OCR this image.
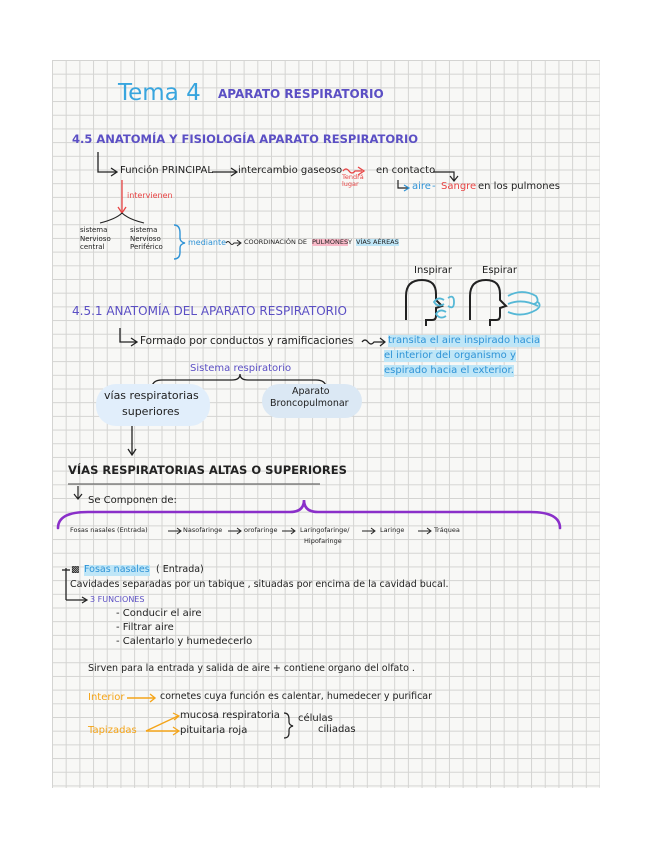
Tema 4 APARATO RESPIRATORIO
4.5 ANATOMÍA Y FISIOLOGÍA APARATO RESPIRATORIO
Función PRINCIPAL	intercambio gaseoso
Tendrá lugar
en contacto
aire - Sangre en los pulmones
intervienen
sistema
Nervioso central
sistema
Nervioso Periférico
mediante	COORDINACIÓN DE PULMONES Y VÍAS AÉREAS
Inspirar	Espirar
4.5.1 ANATOMÍA DEL APARATO RESPIRATORIO
Formado por conductos y ramificaciones	transita el aire inspirado hacia
el interior del organismo y
espirado hacia el exterior.
Sistema respiratorio
vías respiratorias
superiores
Aparato
Broncopulmonar
VÍAS RESPIRATORIAS ALTAS O SUPERIORES
Se Componen de:
Fosas nasales (Entrada)	Nasofaringe	orofaringe	Laringofaringe/
Hipofaringe
Laringe	Tráquea
▩ Fosas nasales ( Entrada)
Cavidades separadas por un tabique , situadas por encima de la cavidad bucal.
3 FUNCIONES
- Conducir el aire
- Filtrar aire
- Calentarlo y humedecerlo
Sirven para la entrada y salida de aire + contiene organo del olfato .
Interior	cornetes cuya función es calentar, humedecer y purificar
Tapizadas
mucosa respiratoria
pituitaria roja
células
ciliadas
